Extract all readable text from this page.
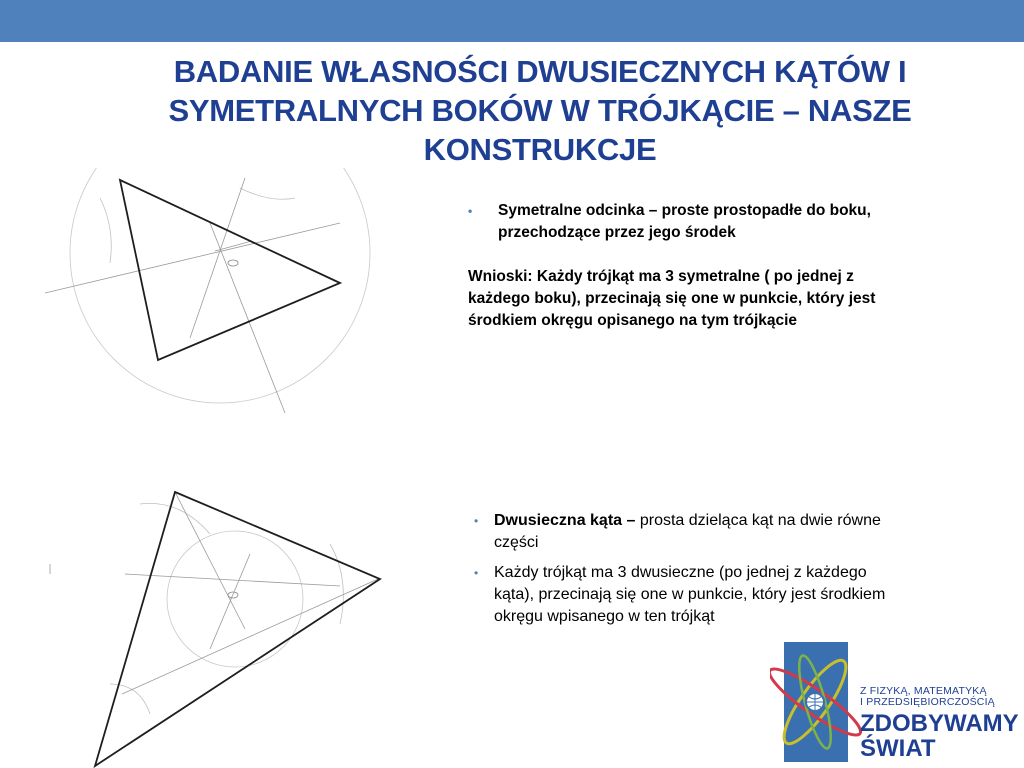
BADANIE WŁASNOŚCI DWUSIECZNYCH KĄTÓW I SYMETRALNYCH BOKÓW W TRÓJKĄCIE – NASZE KONSTRUKCJE
•	Symetralne odcinka – proste prostopadłe do boku, przechodzące przez jego środek
Wnioski: Każdy trójkąt ma 3 symetralne ( po jednej z każdego boku), przecinają się one w punkcie, który jest środkiem okręgu opisanego na tym trójkącie
• Dwusieczna kąta – prosta dzieląca kąt na dwie równe części
• Każdy trójkąt ma 3 dwusieczne (po jednej z każdego kąta), przecinają się one w punkcie, który jest środkiem okręgu wpisanego w ten trójkąt
Z FIZYKĄ, MATEMATYKĄ
I PRZEDSIĘBIORCZOŚCIĄ
ZDOBYWAMY
ŚWIAT
